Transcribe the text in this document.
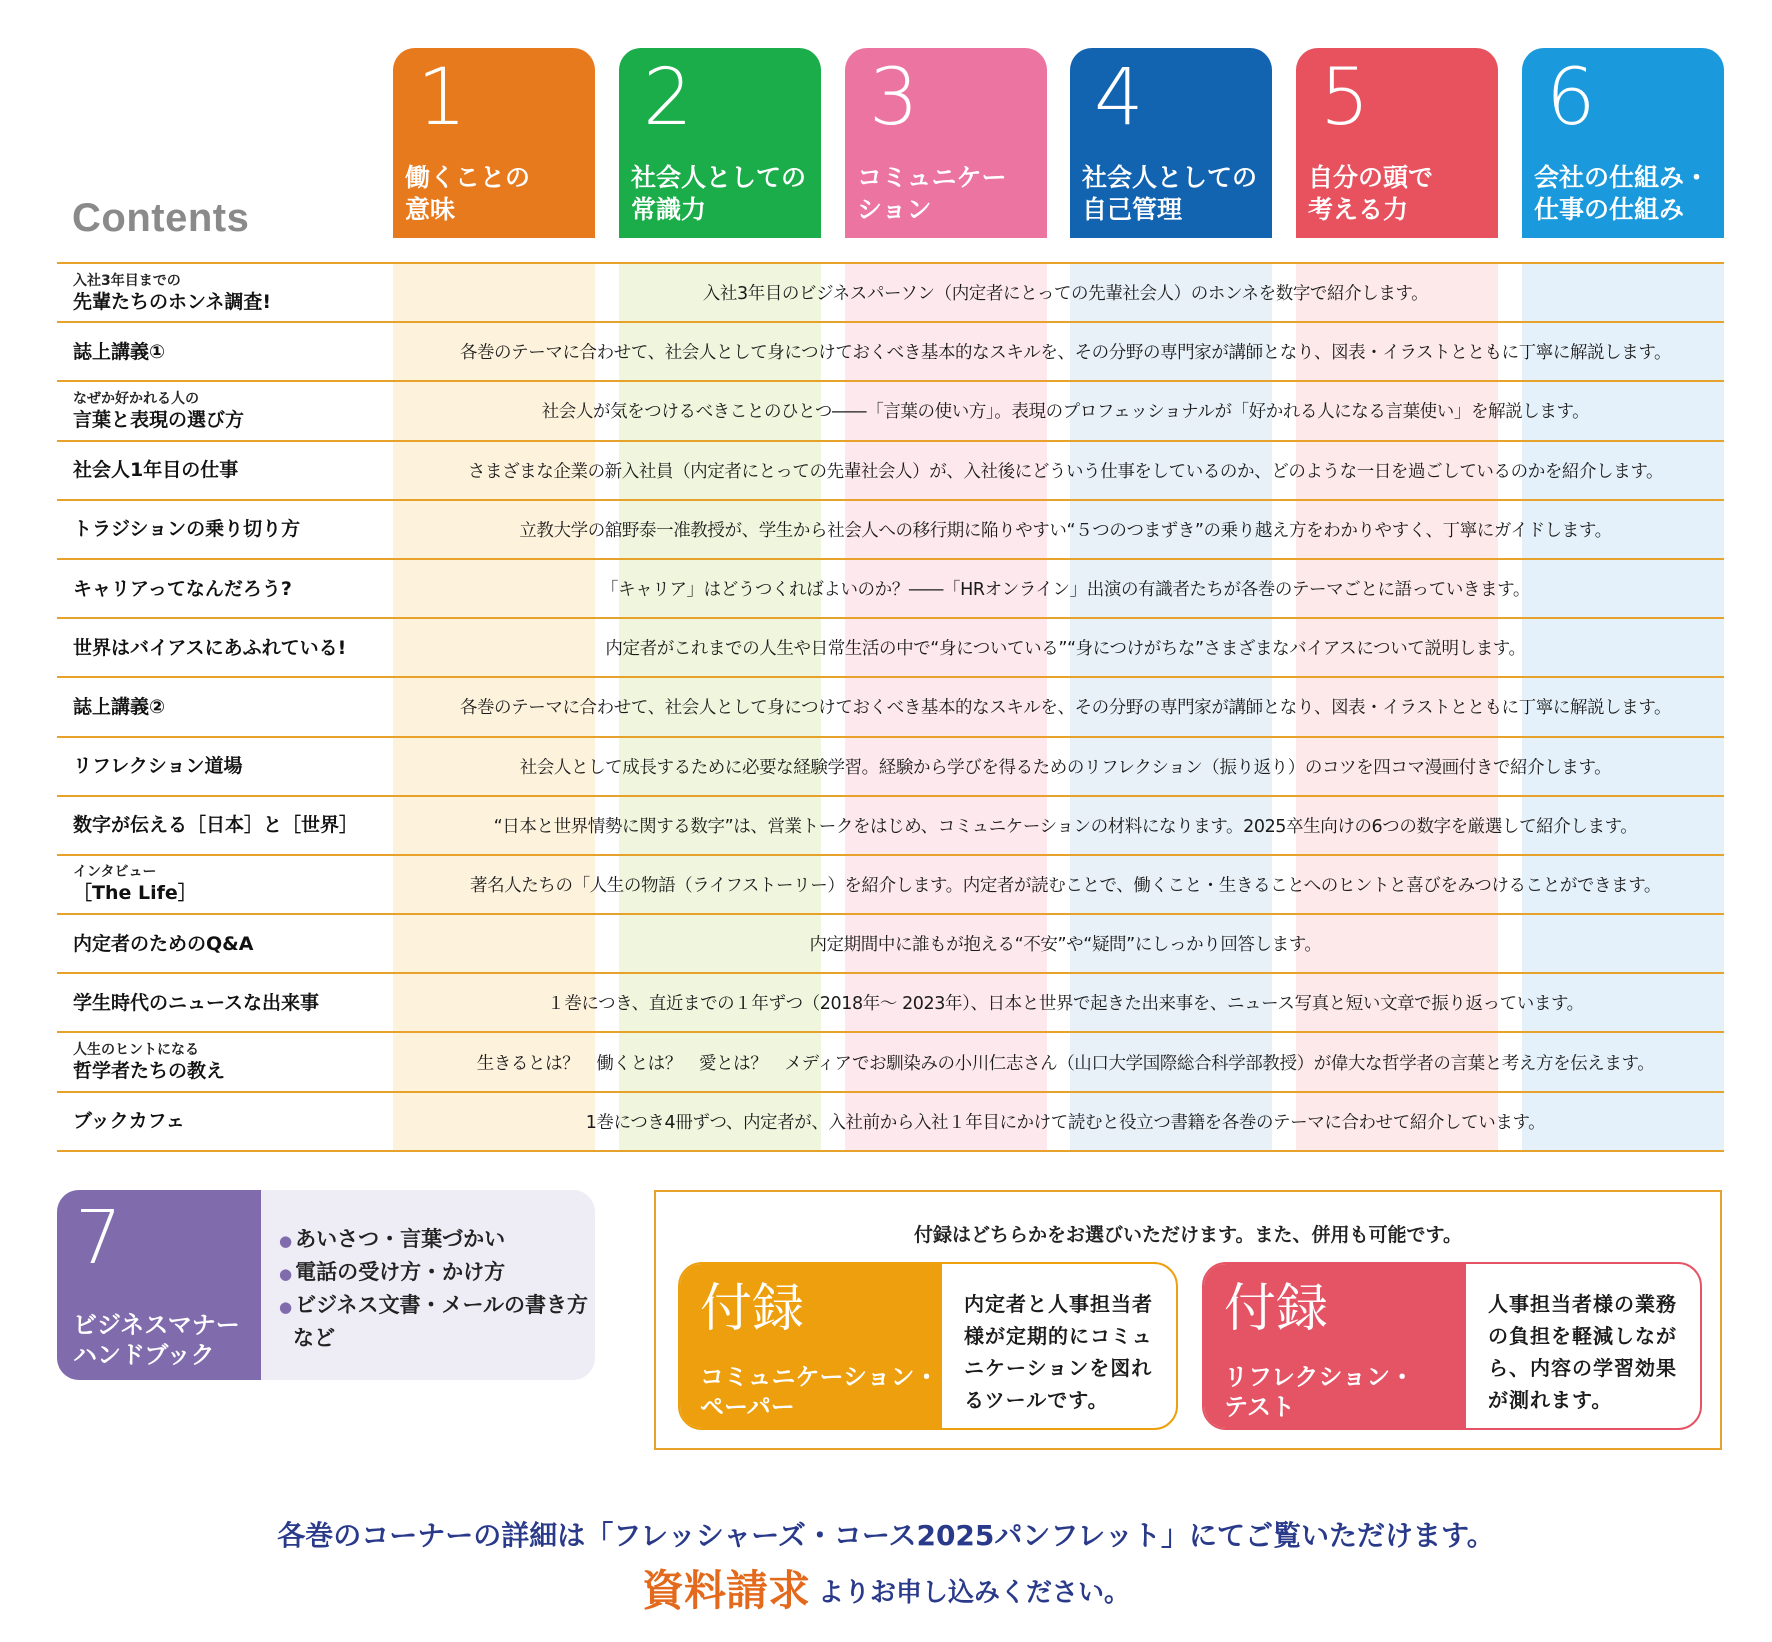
Contents
1
働くことの
意味
2
社会人としての
常識力
3
コミュニケー
ション
4
社会人としての
自己管理
5
自分の頭で
考える力
6
会社の仕組み・
仕事の仕組み
入社3年目までの
先輩たちのホンネ調査!	入社3年目のビジネスパーソン（内定者にとっての先輩社会人）のホンネを数字で紹介します。
誌上講義①	各巻のテーマに合わせて、社会人として身につけておくべき基本的なスキルを、その分野の専門家が講師となり、図表・イラストとともに丁寧に解説します。
なぜか好かれる人の
言葉と表現の選び方	社会人が気をつけるべきことのひとつ――「言葉の使い方」。表現のプロフェッショナルが「好かれる人になる言葉使い」を解説します。
社会人1年目の仕事	さまざまな企業の新入社員（内定者にとっての先輩社会人）が、入社後にどういう仕事をしているのか、どのような一日を過ごしているのかを紹介します。
トラジションの乗り切り方	立教大学の舘野泰一准教授が、学生から社会人への移行期に陥りやすい“５つのつまずき”の乗り越え方をわかりやすく、丁寧にガイドします。
キャリアってなんだろう?	「キャリア」はどうつくればよいのか？――「HRオンライン」出演の有識者たちが各巻のテーマごとに語っていきます。
世界はバイアスにあふれている!	内定者がこれまでの人生や日常生活の中で“身についている”“身につけがちな”さまざまなバイアスについて説明します。
誌上講義②	各巻のテーマに合わせて、社会人として身につけておくべき基本的なスキルを、その分野の専門家が講師となり、図表・イラストとともに丁寧に解説します。
リフレクション道場	社会人として成長するために必要な経験学習。経験から学びを得るためのリフレクション（振り返り）のコツを四コマ漫画付きで紹介します。
数字が伝える［日本］と［世界］	“日本と世界情勢に関する数字”は、営業トークをはじめ、コミュニケーションの材料になります。2025卒生向けの6つの数字を厳選して紹介します。
インタビュー
［The Life］	著名人たちの「人生の物語（ライフストーリー）を紹介します。内定者が読むことで、働くこと・生きることへのヒントと喜びをみつけることができます。
内定者のためのQ&A	内定期間中に誰もが抱える“不安”や“疑問”にしっかり回答します。
学生時代のニュースな出来事	１巻につき、直近までの１年ずつ（2018年～ 2023年）、日本と世界で起きた出来事を、ニュース写真と短い文章で振り返っています。
人生のヒントになる
哲学者たちの教え	生きるとは？　働くとは？　愛とは？　メディアでお馴染みの小川仁志さん（山口大学国際総合科学部教授）が偉大な哲学者の言葉と考え方を伝えます。
ブックカフェ	1巻につき4冊ずつ、内定者が、入社前から入社１年目にかけて読むと役立つ書籍を各巻のテーマに合わせて紹介しています。
7
ビジネスマナー
ハンドブック
● あいさつ・言葉づかい
● 電話の受け方・かけ方
● ビジネス文書・メールの書き方
など
付録はどちらかをお選びいただけます。また、併用も可能です。
付録
コミュニケーション・
ペーパー
内定者と人事担当者様が定期的にコミュニケーションを図れるツールです。
付録
リフレクション・
テスト
人事担当者様の業務の負担を軽減しながら、内容の学習効果が測れます。
各巻のコーナーの詳細は「フレッシャーズ・コース2025パンフレット」にてご覧いただけます。
資料請求 よりお申し込みください。
